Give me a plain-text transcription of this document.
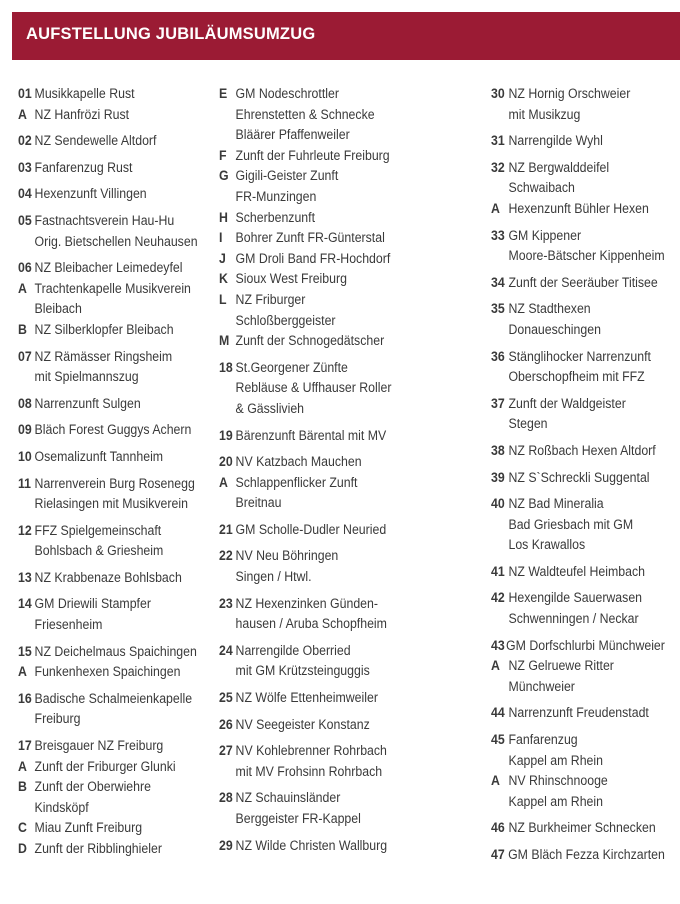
AUFSTELLUNG JUBILÄUMSUMZUG
01 Musikkapelle Rust
A NZ Hanfrözi Rust
02 NZ Sendewelle Altdorf
03 Fanfarenzug Rust
04 Hexenzunft Villingen
05 Fastnachtsverein Hau-Hu
Orig. Bietschellen Neuhausen
06 NZ Bleibacher Leimedeyfel
A Trachtenkapelle Musikverein
Bleibach
B NZ Silberklopfer Bleibach
07 NZ Rämässer Ringsheim
mit Spielmannszug
08 Narrenzunft Sulgen
09 Bläch Forest Guggys Achern
10 Osemalizunft Tannheim
11 Narrenverein Burg Rosenegg
Rielasingen mit Musikverein
12 FFZ Spielgemeinschaft
Bohlsbach & Griesheim
13 NZ Krabbenaze Bohlsbach
14 GM Driewili Stampfer
Friesenheim
15 NZ Deichelmaus Spaichingen
A Funkenhexen Spaichingen
16 Badische Schalmeienkapelle
Freiburg
17 Breisgauer NZ Freiburg
A Zunft der Friburger Glunki
B Zunft der Oberwiehre
Kindsköpf
C Miau Zunft Freiburg
D Zunft der Ribblinghieler
E GM Nodeschrottler
Ehrenstetten & Schnecke
Bläärer Pfaffenweiler
F Zunft der Fuhrleute Freiburg
G Gigili-Geister Zunft
FR-Munzingen
H Scherbenzunft
I Bohrer Zunft FR-Günterstal
J GM Droli Band FR-Hochdorf
K Sioux West Freiburg
L NZ Friburger
Schloßberggeister
M Zunft der Schnogedätscher
18 St.Georgener Zünfte
Rebläuse & Uffhauser Roller
& Gässlivieh
19 Bärenzunft Bärental mit MV
20 NV Katzbach Mauchen
A Schlappenflicker Zunft
Breitnau
21 GM Scholle-Dudler Neuried
22 NV Neu Böhringen
Singen / Htwl.
23 NZ Hexenzinken Günden-
hausen / Aruba Schopfheim
24 Narrengilde Oberried
mit GM Krützsteinguggis
25 NZ Wölfe Ettenheimweiler
26 NV Seegeister Konstanz
27 NV Kohlebrenner Rohrbach
mit MV Frohsinn Rohrbach
28 NZ Schauinsländer
Berggeister FR-Kappel
29 NZ Wilde Christen Wallburg
30 NZ Hornig Orschweier
mit Musikzug
31 Narrengilde Wyhl
32 NZ Bergwalddeifel
Schwaibach
A Hexenzunft Bühler Hexen
33 GM Kippener
Moore-Bätscher Kippenheim
34 Zunft der Seeräuber Titisee
35 NZ Stadthexen
Donaueschingen
36 Stänglihocker Narrenzunft
Oberschopfheim mit FFZ
37 Zunft der Waldgeister
Stegen
38 NZ Roßbach Hexen Altdorf
39 NZ S`Schreckli Suggental
40 NZ Bad Mineralia
Bad Griesbach mit GM
Los Krawallos
41 NZ Waldteufel Heimbach
42 Hexengilde Sauerwasen
Schwenningen / Neckar
43 GM Dorfschlurbi Münchweier
A NZ Gelruewe Ritter
Münchweier
44 Narrenzunft Freudenstadt
45 Fanfarenzug
Kappel am Rhein
A NV Rhinschnooge
Kappel am Rhein
46 NZ Burkheimer Schnecken
47 GM Bläch Fezza Kirchzarten
